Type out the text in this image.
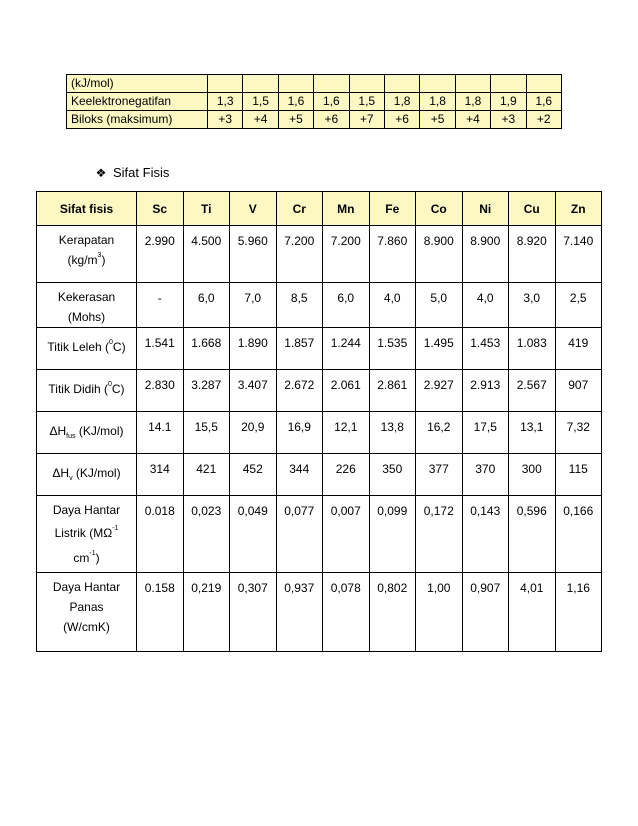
(kJ/mol)										
Keelektronegatifan	1,3	1,5	1,6	1,6	1,5	1,8	1,8	1,8	1,9	1,6
Biloks (maksimum)	+3	+4	+5	+6	+7	+6	+5	+4	+3	+2
❖ Sifat Fisis
Sifat fisis	Sc	Ti	V	Cr	Mn	Fe	Co	Ni	Cu	Zn

Kerapatan
$(kg/m^3)$	2.990	4.500	5.960	7.200	7.200	7.860	8.900	8.900	8.920	7.140

Kekerasan
(Mohs)	-	6,0	7,0	8,5	6,0	4,0	5,0	4,0	3,0	2,5
Titik Leleh ($^0$C)	1.541	1.668	1.890	1.857	1.244	1.535	1.495	1.453	1.083	419
Titik Didih ($^0$C)	2.830	3.287	3.407	2.672	2.061	2.861	2.927	2.913	2.567	907
$\Delta H_{fus}$ (KJ/mol)	14.1	15,5	20,9	16,9	12,1	13,8	16,2	17,5	13,1	7,32
$\Delta H_v$ (KJ/mol)	314	421	452	344	226	350	377	370	300	115

Daya Hantar
Listrik ($M\Omega^{-1}$
$cm^{-1}$)	0.018	0,023	0,049	0,077	0,007	0,099	0,172	0,143	0,596	0,166

Daya Hantar
Panas
(W/cmK)	0.158	0,219	0,307	0,937	0,078	0,802	1,00	0,907	4,01	1,16
